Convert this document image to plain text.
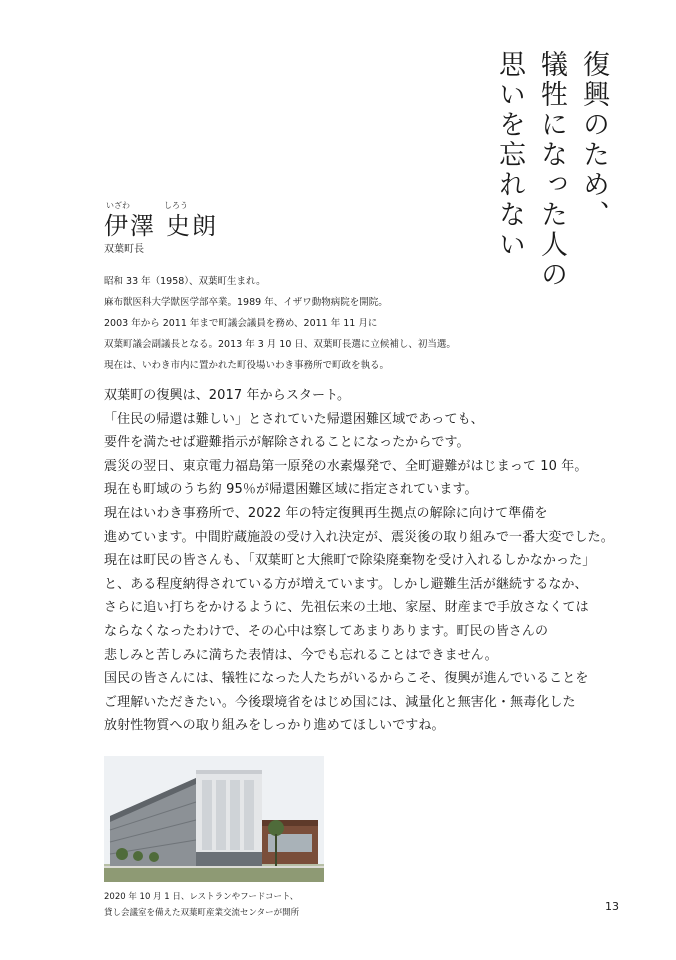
復興のため、
犠牲になった人の
思いを忘れない
いざわ	しろう
伊澤 史朗
双葉町長
昭和 33 年（1958）、双葉町生まれ。
麻布獣医科大学獣医学部卒業。1989 年、イザワ動物病院を開院。
2003 年から 2011 年まで町議会議員を務め、2011 年 11 月に
双葉町議会副議長となる。2013 年 3 月 10 日、双葉町長選に立候補し、初当選。
現在は、いわき市内に置かれた町役場いわき事務所で町政を執る。
双葉町の復興は、2017 年からスタート。
「住民の帰還は難しい」とされていた帰還困難区域であっても、
要件を満たせば避難指示が解除されることになったからです。
震災の翌日、東京電力福島第一原発の水素爆発で、全町避難がはじまって 10 年。
現在も町域のうち約 95％が帰還困難区域に指定されています。
現在はいわき事務所で、2022 年の特定復興再生拠点の解除に向けて準備を
進めています。中間貯蔵施設の受け入れ決定が、震災後の取り組みで一番大変でした。
現在は町民の皆さんも、「双葉町と大熊町で除染廃棄物を受け入れるしかなかった」
と、ある程度納得されている方が増えています。しかし避難生活が継続するなか、
さらに追い打ちをかけるように、先祖伝来の土地、家屋、財産まで手放さなくては
ならなくなったわけで、その心中は察してあまりあります。町民の皆さんの
悲しみと苦しみに満ちた表情は、今でも忘れることはできません。
国民の皆さんには、犠牲になった人たちがいるからこそ、復興が進んでいることを
ご理解いただきたい。今後環境省をはじめ国には、減量化と無害化・無毒化した
放射性物質への取り組みをしっかり進めてほしいですね。
2020 年 10 月 1 日、レストランやフードコート、
貸し会議室を備えた双葉町産業交流センターが開所	13
